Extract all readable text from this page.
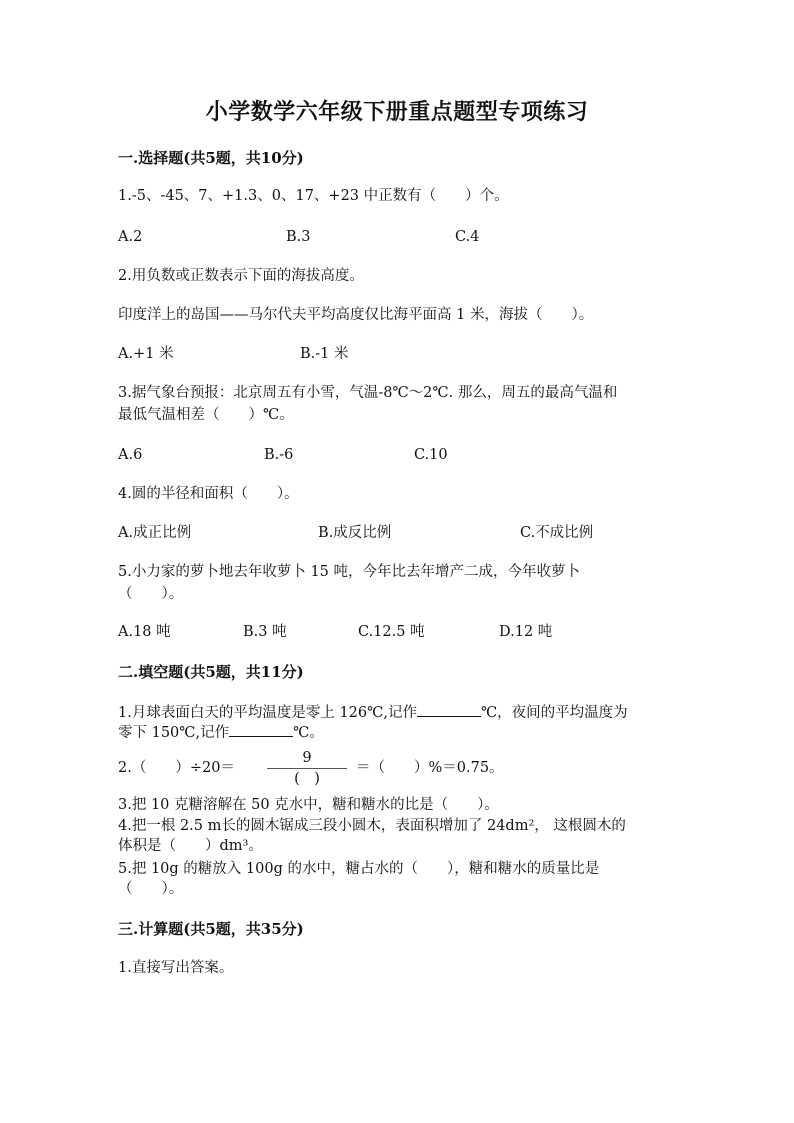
小学数学六年级下册重点题型专项练习
一.选择题(共5题，共10分)
1.-5、-45、7、+1.3、0、17、+23 中正数有（　　）个。
A.2	B.3	C.4
2.用负数或正数表示下面的海拔高度。
印度洋上的岛国——马尔代夫平均高度仅比海平面高 1 米，海拔（　　）。
A.+1 米	B.-1 米
3.据气象台预报：北京周五有小雪，气温-8℃～2℃. 那么，周五的最高气温和
最低气温相差（　　）℃。
A.6	B.-6	C.10
4.圆的半径和面积（　　）。
A.成正比例	B.成反比例	C.不成比例
5.小力家的萝卜地去年收萝卜 15 吨，今年比去年增产二成，今年收萝卜
（　　）。
A.18 吨	B.3 吨	C.12.5 吨	D.12 吨
二.填空题(共5题，共11分)
1.月球表面白天的平均温度是零上 126℃,记作	℃，夜间的平均温度为
零下 150℃,记作	℃。
2.（　　）÷20＝
9
(　)
＝（　　）%＝0.75。
3.把 10 克糖溶解在 50 克水中，糖和糖水的比是（　　）。
4.把一根 2.5 m长的圆木锯成三段小圆木，表面积增加了 24dm²， 这根圆木的
体积是（　　）dm³。
5.把 10g 的糖放入 100g 的水中，糖占水的（　　），糖和糖水的质量比是
（　　）。
三.计算题(共5题，共35分)
1.直接写出答案。
